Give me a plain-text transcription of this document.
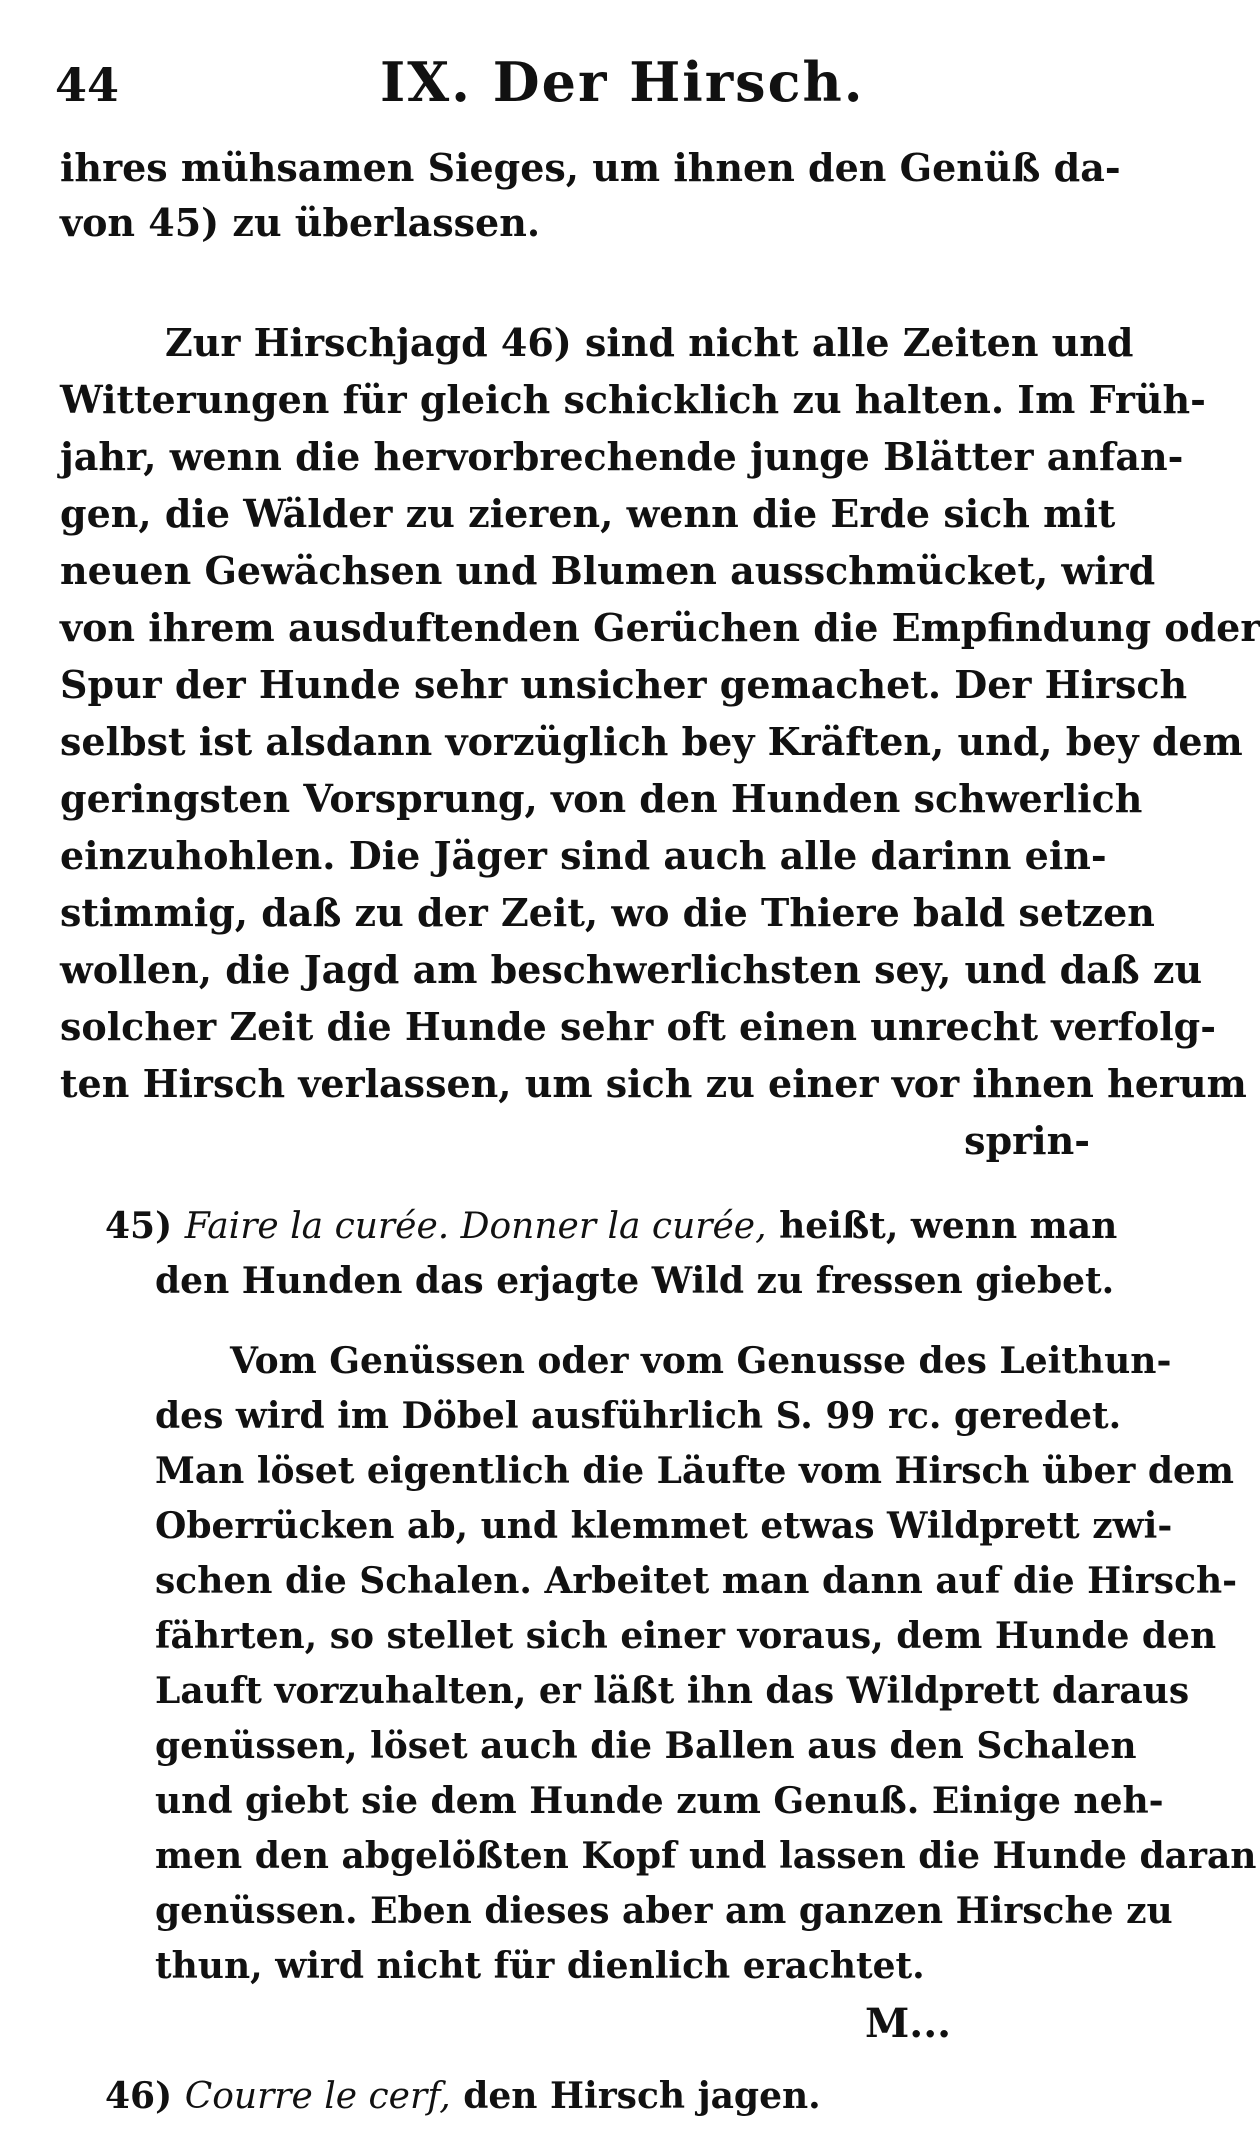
44	IX. Der Hirsch.
ihres mühsamen Sieges, um ihnen den Genüß da-
von 45) zu überlassen.
Zur Hirschjagd 46) sind nicht alle Zeiten und
Witterungen für gleich schicklich zu halten. Im Früh-
jahr, wenn die hervorbrechende junge Blätter anfan-
gen, die Wälder zu zieren, wenn die Erde sich mit
neuen Gewächsen und Blumen ausschmücket, wird
von ihrem ausduftenden Gerüchen die Empfindung oder
Spur der Hunde sehr unsicher gemachet. Der Hirsch
selbst ist alsdann vorzüglich bey Kräften, und, bey dem
geringsten Vorsprung, von den Hunden schwerlich
einzuhohlen. Die Jäger sind auch alle darinn ein-
stimmig, daß zu der Zeit, wo die Thiere bald setzen
wollen, die Jagd am beschwerlichsten sey, und daß zu
solcher Zeit die Hunde sehr oft einen unrecht verfolg-
ten Hirsch verlassen, um sich zu einer vor ihnen herum
sprin-
45) Faire la curée. Donner la curée, heißt, wenn man
den Hunden das erjagte Wild zu fressen giebet.
Vom Genüssen oder vom Genusse des Leithun-
des wird im Döbel ausführlich S. 99 rc. geredet.
Man löset eigentlich die Läufte vom Hirsch über dem
Oberrücken ab, und klemmet etwas Wildprett zwi-
schen die Schalen. Arbeitet man dann auf die Hirsch-
fährten, so stellet sich einer voraus, dem Hunde den
Lauft vorzuhalten, er läßt ihn das Wildprett daraus
genüssen, löset auch die Ballen aus den Schalen
und giebt sie dem Hunde zum Genuß. Einige neh-
men den abgelößten Kopf und lassen die Hunde daran
genüssen. Eben dieses aber am ganzen Hirsche zu
thun, wird nicht für dienlich erachtet.
M...
46) Courre le cerf, den Hirsch jagen.
